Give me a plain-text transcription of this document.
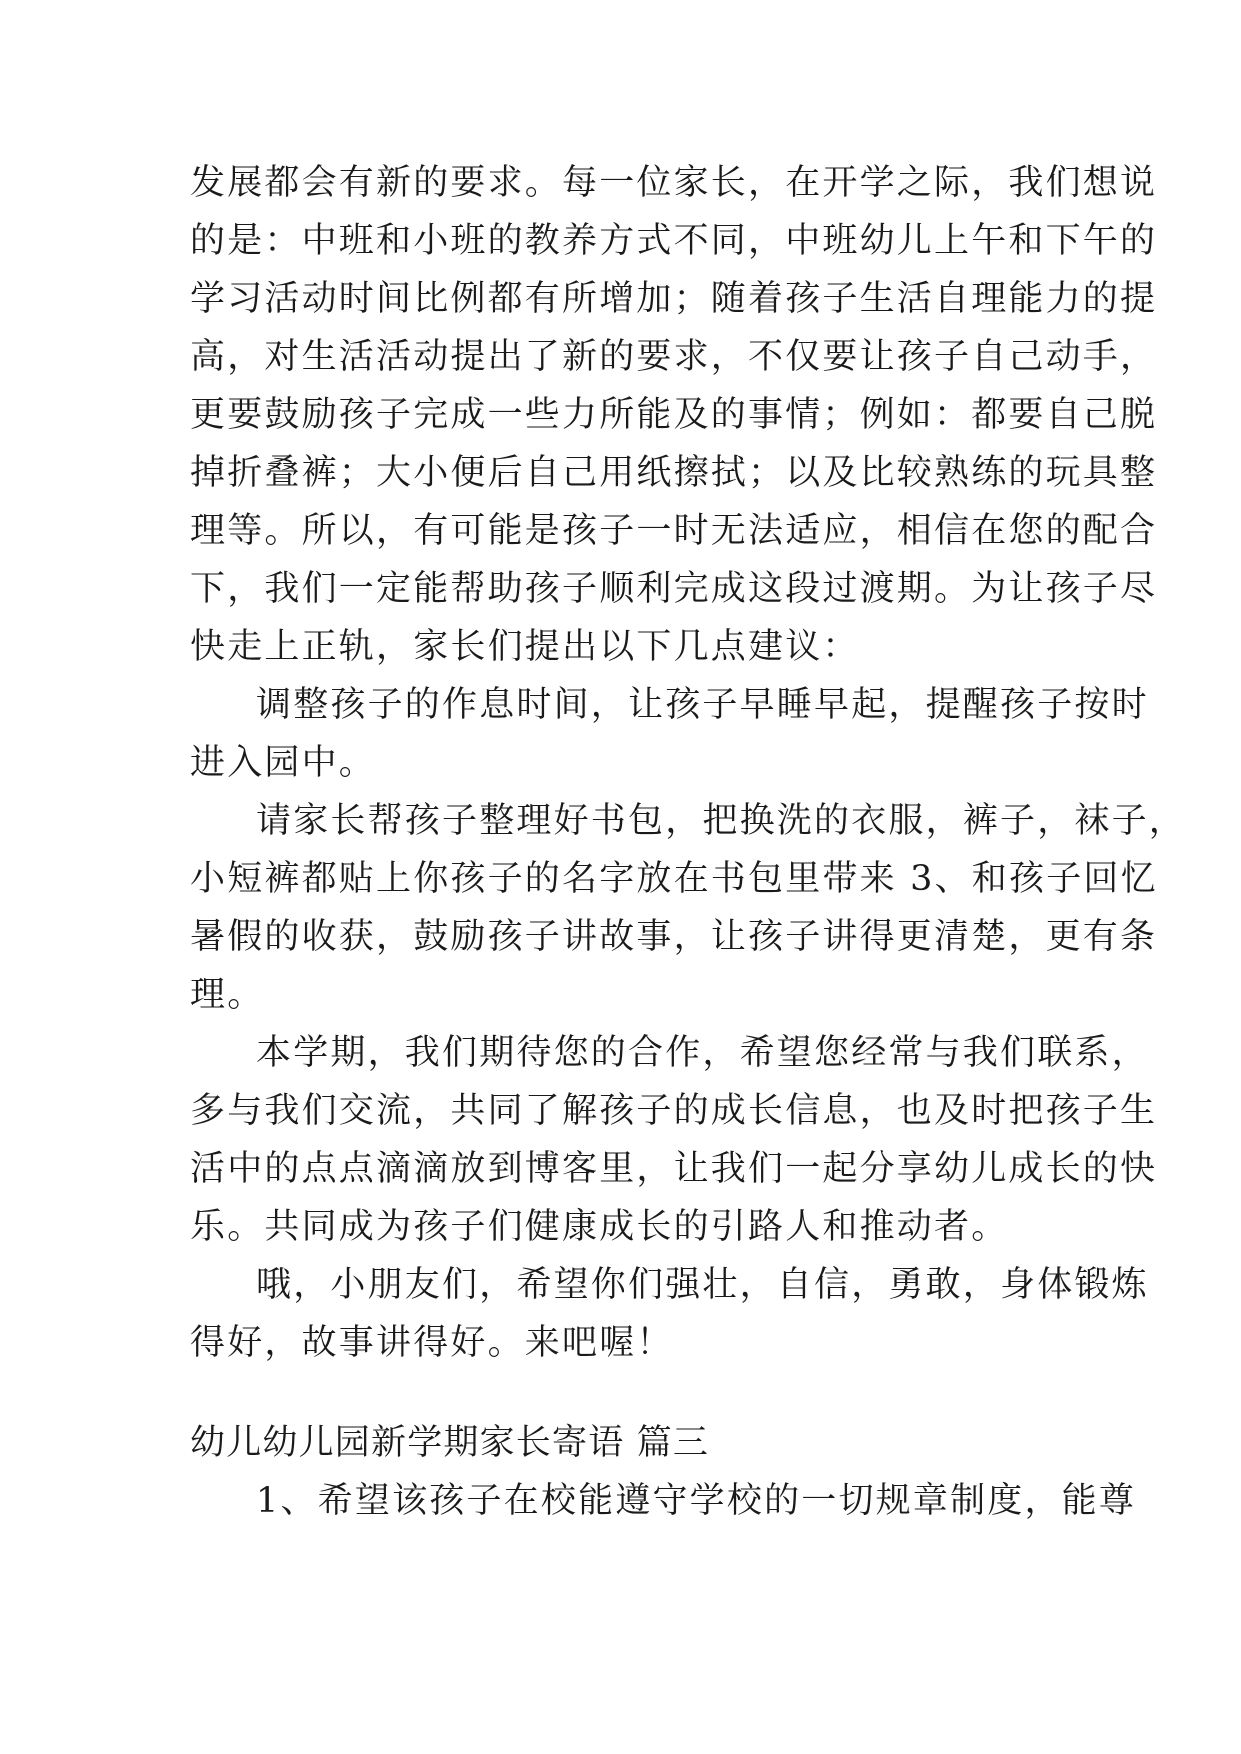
发展都会有新的要求。每一位家长，在开学之际，我们想说
的是：中班和小班的教养方式不同，中班幼儿上午和下午的
学习活动时间比例都有所增加；随着孩子生活自理能力的提
高，对生活活动提出了新的要求，不仅要让孩子自己动手，
更要鼓励孩子完成一些力所能及的事情；例如：都要自己脱
掉折叠裤；大小便后自己用纸擦拭；以及比较熟练的玩具整
理等。所以，有可能是孩子一时无法适应，相信在您的配合
下，我们一定能帮助孩子顺利完成这段过渡期。为让孩子尽
快走上正轨，家长们提出以下几点建议：
调整孩子的作息时间，让孩子早睡早起，提醒孩子按时
进入园中。
请家长帮孩子整理好书包，把换洗的衣服，裤子，袜子，
小短裤都贴上你孩子的名字放在书包里带来 3、和孩子回忆
暑假的收获，鼓励孩子讲故事，让孩子讲得更清楚，更有条
理。
本学期，我们期待您的合作，希望您经常与我们联系，
多与我们交流，共同了解孩子的成长信息，也及时把孩子生
活中的点点滴滴放到博客里，让我们一起分享幼儿成长的快
乐。共同成为孩子们健康成长的引路人和推动者。
哦，小朋友们，希望你们强壮，自信，勇敢，身体锻炼
得好，故事讲得好。来吧喔！
幼儿幼儿园新学期家长寄语 篇三
1、希望该孩子在校能遵守学校的一切规章制度，能尊
